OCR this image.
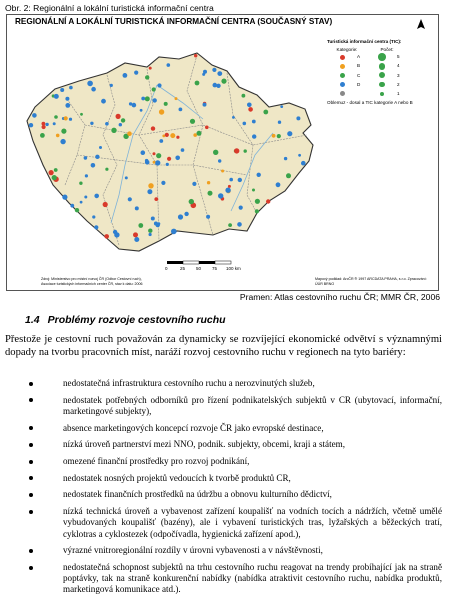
Obr. 2: Regionální a lokální turistická informační centra
REGIONÁLNÍ A LOKÁLNÍ TURISTICKÁ INFORMAČNÍ CENTRA (SOUČASNÝ STAV)
0	25 50 75 100 km
Turistická informační centra (TIC):
Kategorie:	Počet:
A	5
B	4
C	3
D	2
1
Oblemuz - dosal a TIC kategorie A nebo B
Zdroj: Ministerstvo pro místní rozvoj ČR (Odbor Cestovní ruch), Asociace turistických informačních center ČR, stav k datu: 2006
Mapový podklad: ArcČR ® 1997 ARCDATA PRAHA, s.r.o. Zpracování: ÚÚR BRNO
Pramen: Atlas cestovního ruchu ČR; MMR ČR, 2006
1.4 Problémy rozvoje cestovního ruchu
Přestože je cestovní ruch považován za dynamicky se rozvíjející ekonomické odvětví s významnými dopady na tvorbu pracovních míst, naráží rozvoj cestovního ruchu v regionech na tyto bariéry:
nedostatečná infrastruktura cestovního ruchu a nerozvinutých služeb,
nedostatek potřebných odborníků pro řízení podnikatelských subjektů v CR (ubytovací, informační, marketingové subjekty),
absence marketingových koncepcí rozvoje ČR jako evropské destinace,
nízká úroveň partnerství mezi NNO, podnik. subjekty, obcemi, kraji a státem,
omezené finanční prostředky pro rozvoj podnikání,
nedostatek nosných projektů vedoucích k tvorbě produktů CR,
nedostatek finančních prostředků na údržbu a obnovu kulturního dědictví,
nízká technická úroveň a vybavenost zařízení koupališť na vodních tocích a nádržích, včetně umělé vybudovaných koupališť (bazény), ale i vybavení turistických tras, lyžařských a běžeckých tratí, cyklotras a cyklostezek (odpočívadla, hygienická zařízení apod.),
výrazné vnitroregionální rozdíly v úrovni vybavenosti a v návštěvnosti,
nedostatečná schopnost subjektů na trhu cestovního ruchu reagovat na trendy probíhající jak na straně poptávky, tak na straně konkurenční nabídky (nabídka atraktivit cestovního ruchu, nabídka produktů, marketingová komunikace atd.).
